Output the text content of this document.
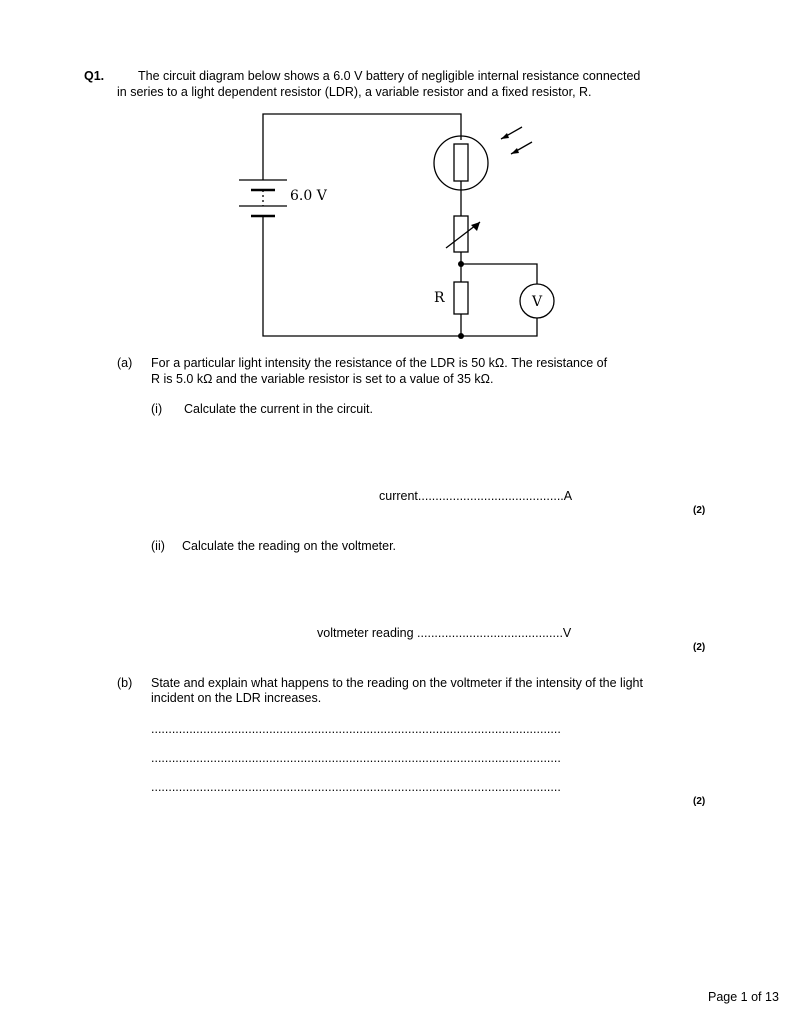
Q1.	The circuit diagram below shows a 6.0 V battery of negligible internal resistance connected
in series to a light dependent resistor (LDR), a variable resistor and a fixed resistor, R.
6.0 V
R	V
(a) For a particular light intensity the resistance of the LDR is 50 kΩ. The resistance of
R is 5.0 kΩ and the variable resistor is set to a value of 35 kΩ.
(i) Calculate the current in the circuit.
current..........................................A
(2)
(ii) Calculate the reading on the voltmeter.
voltmeter reading ..........................................V
(2)
(b) State and explain what happens to the reading on the voltmeter if the intensity of the light
incident on the LDR increases.
......................................................................................................................
......................................................................................................................
......................................................................................................................
(2)
Page 1 of 13
